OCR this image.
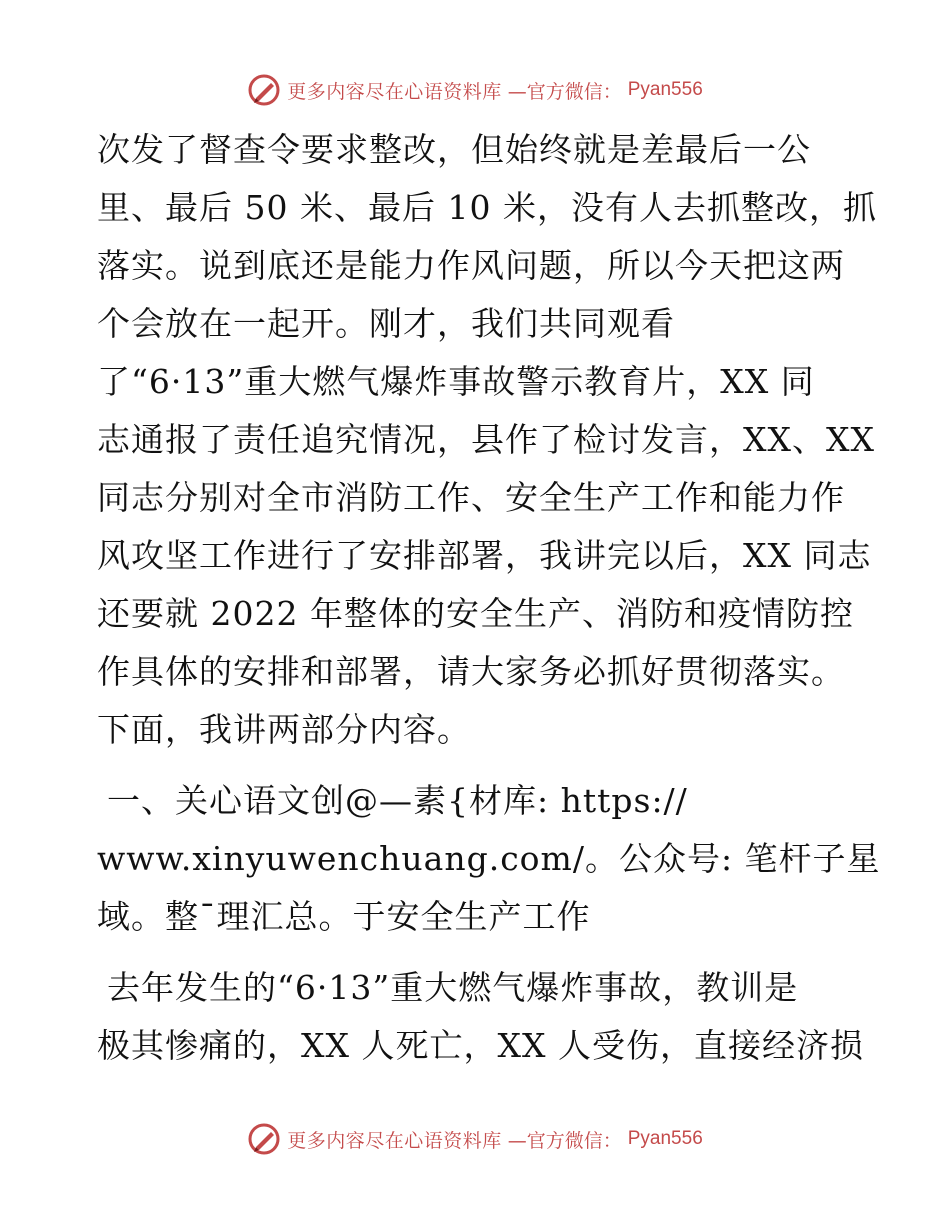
更多内容尽在心语资料库 —官方微信： Pyan556
次发了督查令要求整改，但始终就是差最后一公
里、最后 50 米、最后 10 米，没有人去抓整改，抓
落实。说到底还是能力作风问题，所以今天把这两
个会放在一起开。刚才，我们共同观看
了“6·13”重大燃气爆炸事故警示教育片，XX 同
志通报了责任追究情况，县作了检讨发言，XX、XX
同志分别对全市消防工作、安全生产工作和能力作
风攻坚工作进行了安排部署，我讲完以后，XX 同志
还要就 2022 年整体的安全生产、消防和疫情防控
作具体的安排和部署，请大家务必抓好贯彻落实。
下面，我讲两部分内容。
一、关心语文创@—素{材库: https://
www.xinyuwenchuang.com/。公众号: 笔杆子星
域。整¯理汇总。于安全生产工作
去年发生的“6·13”重大燃气爆炸事故，教训是
极其惨痛的，XX 人死亡，XX 人受伤，直接经济损
更多内容尽在心语资料库 —官方微信： Pyan556
